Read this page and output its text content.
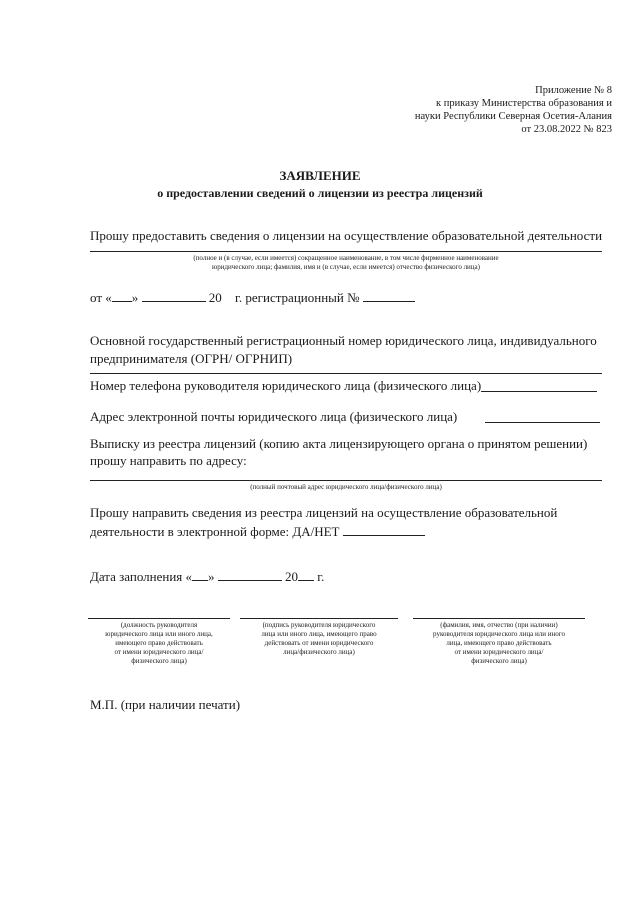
Приложение № 8
к приказу Министерства образования и
науки Республики Северная Осетия-Алания
от 23.08.2022 № 823
ЗАЯВЛЕНИЕ
о предоставлении сведений о лицензии из реестра лицензий
Прошу предоставить сведения о лицензии на осуществление образовательной деятельности
(полное и (в случае, если имеется) сокращенное наименование, в том числе фирменное наименование
юридического лица; фамилия, имя и (в случае, если имеется) отчество физического лица)
от « »	20 г. регистрационный №
Основной государственный регистрационный номер юридического лица, индивидуального
предпринимателя (ОГРН/ ОГРНИП)
Номер телефона руководителя юридического лица (физического лица)
Адрес электронной почты юридического лица (физического лица)
Выписку из реестра лицензий (копию акта лицензирующего органа о принятом решении)
прошу направить по адресу:
(полный почтовый адрес юридического лица/физического лица)
Прошу направить сведения из реестра лицензий на осуществление образовательной
деятельности в электронной форме: ДА/НЕТ
Дата заполнения « »	20 г.
(должность руководителя
юридического лица или иного лица,
имеющего право действовать
от имени юридического лица/
физического лица)
(подпись руководителя юридического
лица или иного лица, имеющего право
действовать от имени юридического
лица/физического лица)
(фамилия, имя, отчество (при наличии)
руководителя юридического лица или иного
лица, имеющего право действовать
от имени юридического лица/
физического лица)
М.П. (при наличии печати)
